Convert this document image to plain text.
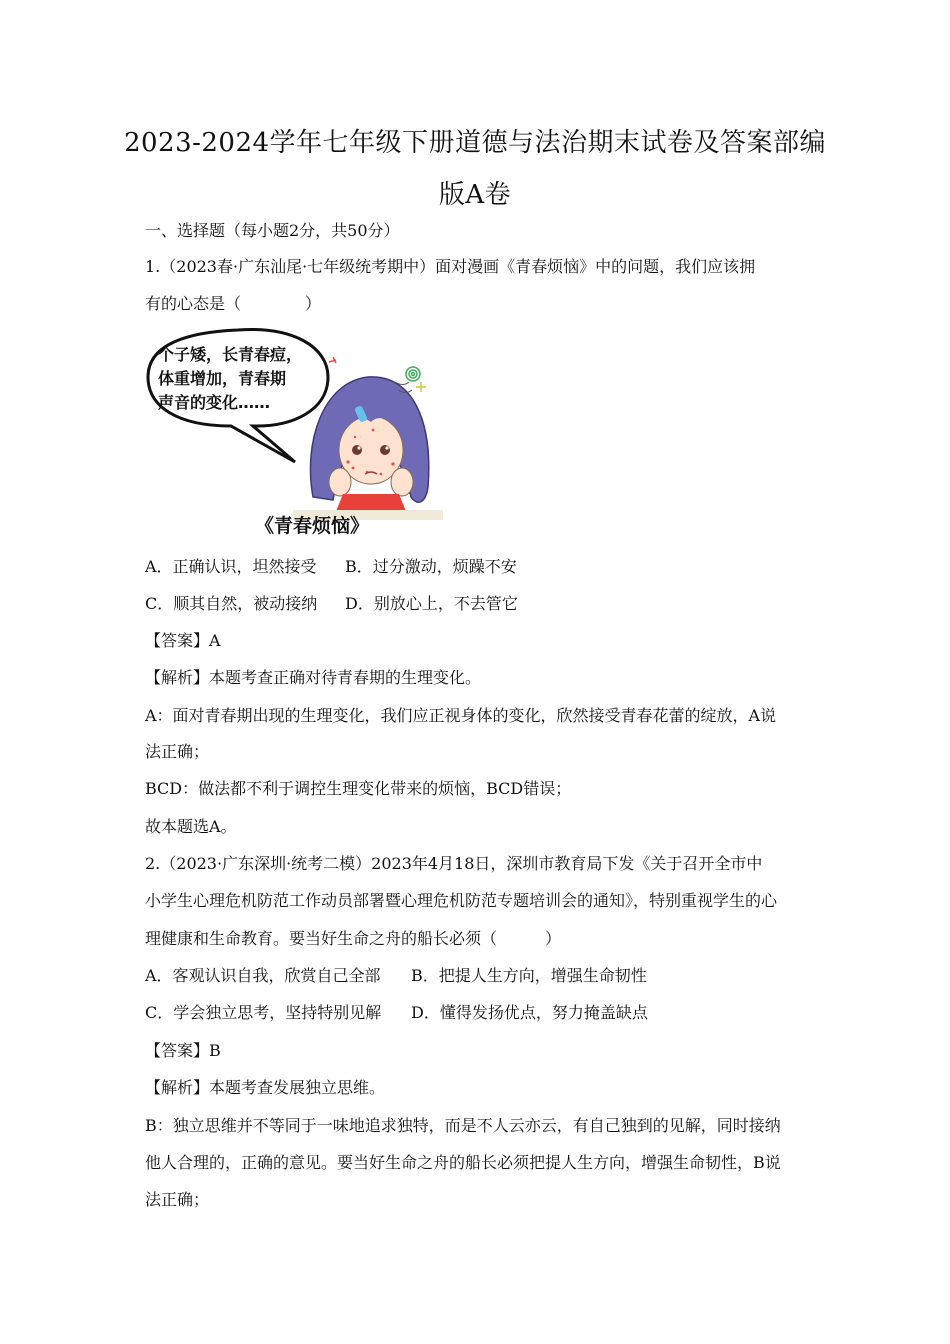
2023-2024学年七年级下册道德与法治期末试卷及答案部编
版A卷
一、选择题（每小题2分，共50分）
1.（2023春·广东汕尾·七年级统考期中）面对漫画《青春烦恼》中的问题，我们应该拥
有的心态是（　　　　）
个子矮，长青春痘，
体重增加，青春期
声音的变化……
《青春烦恼》
A．正确认识，坦然接受 B．过分激动，烦躁不安
C．顺其自然，被动接纳 D．别放心上，不去管它
【答案】A
【解析】本题考查正确对待青春期的生理变化。
A：面对青春期出现的生理变化，我们应正视身体的变化，欣然接受青春花蕾的绽放，A说
法正确；
BCD：做法都不利于调控生理变化带来的烦恼，BCD错误；
故本题选A。
2.（2023·广东深圳·统考二模）2023年4月18日，深圳市教育局下发《关于召开全市中
小学生心理危机防范工作动员部署暨心理危机防范专题培训会的通知》，特别重视学生的心
理健康和生命教育。要当好生命之舟的船长必须（　　　）
A．客观认识自我，欣赏自己全部 B．把提人生方向，增强生命韧性
C．学会独立思考，坚持特别见解 D．懂得发扬优点，努力掩盖缺点
【答案】B
【解析】本题考查发展独立思维。
B：独立思维并不等同于一味地追求独特，而是不人云亦云，有自己独到的见解，同时接纳
他人合理的，正确的意见。要当好生命之舟的船长必须把提人生方向，增强生命韧性，B说
法正确；
